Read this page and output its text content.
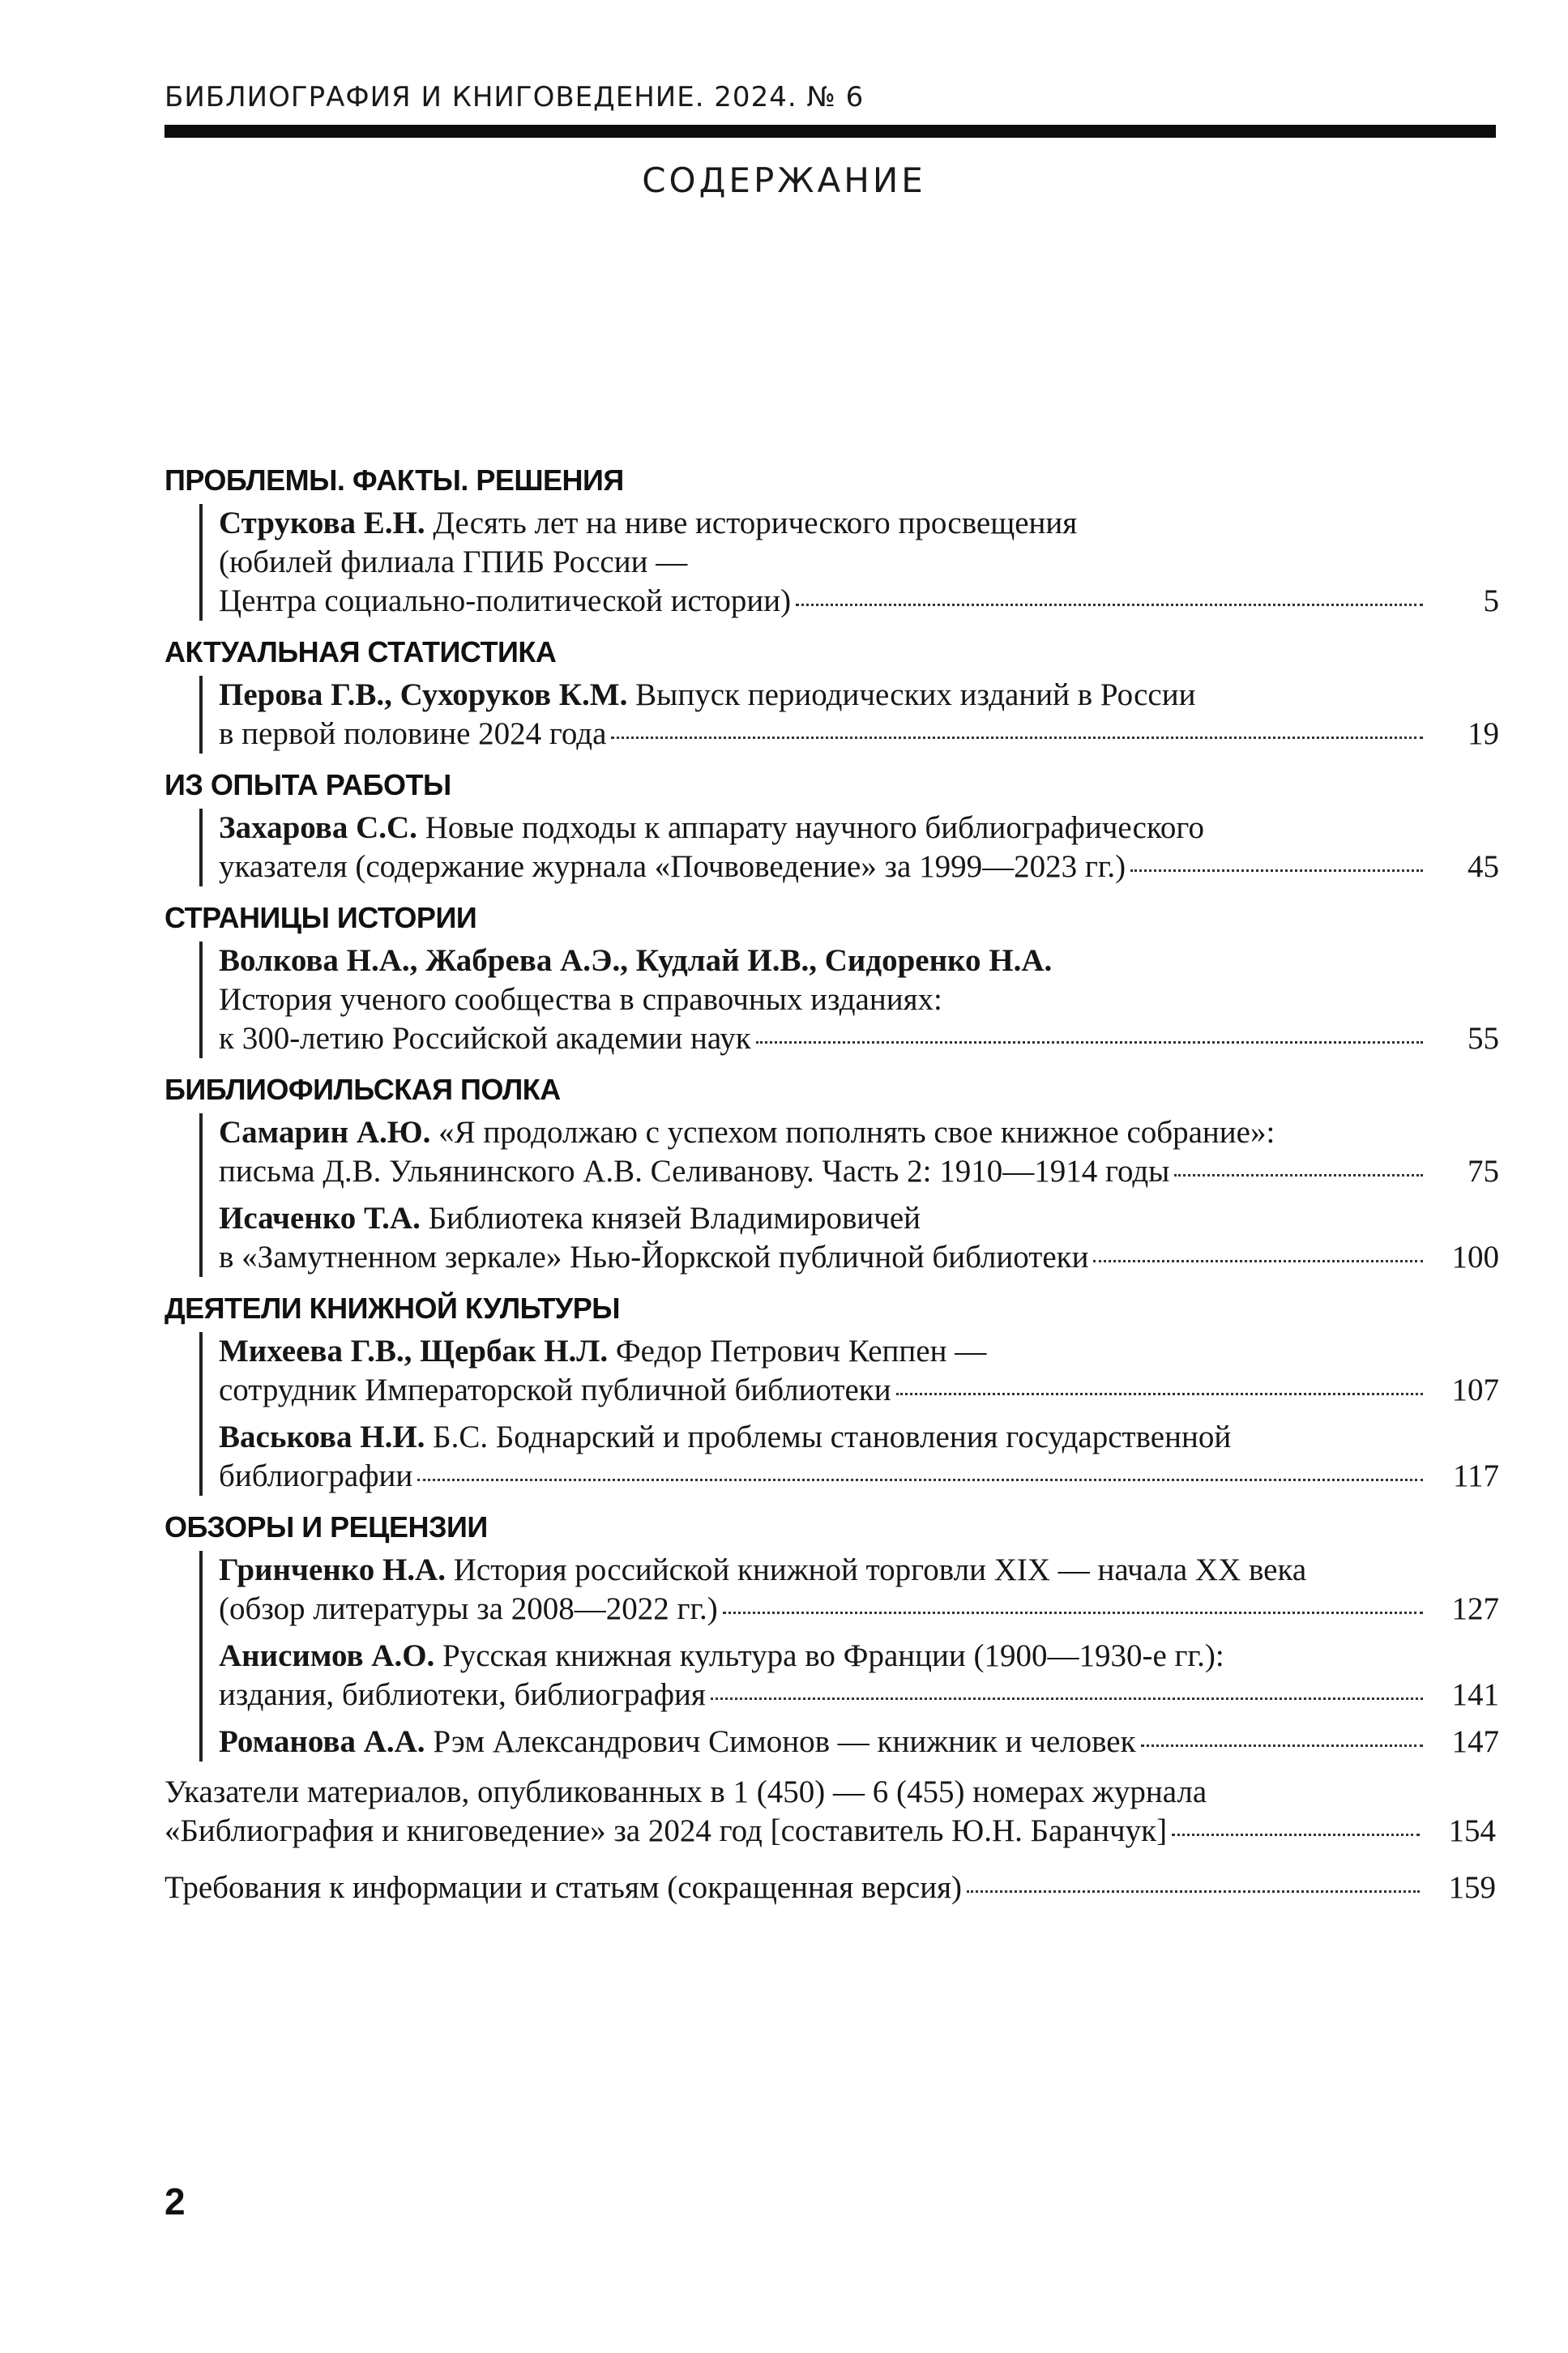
БИБЛИОГРАФИЯ И КНИГОВЕДЕНИЕ. 2024. № 6
СОДЕРЖАНИЕ
ПРОБЛЕМЫ. ФАКТЫ. РЕШЕНИЯ
Струкова Е.Н. Десять лет на ниве исторического просвещения
(юбилей филиала ГПИБ России —
Центра социально-политической истории)	5
АКТУАЛЬНАЯ СТАТИСТИКА
Перова Г.В., Сухоруков К.М. Выпуск периодических изданий в России
в первой половине 2024 года	19
ИЗ ОПЫТА РАБОТЫ
Захарова С.С. Новые подходы к аппарату научного библиографического
указателя (содержание журнала «Почвоведение» за 1999—2023 гг.)	45
СТРАНИЦЫ ИСТОРИИ
Волкова Н.А., Жабрева А.Э., Кудлай И.В., Сидоренко Н.А.
История ученого сообщества в справочных изданиях:
к 300-летию Российской академии наук	55
БИБЛИОФИЛЬСКАЯ ПОЛКА
Самарин А.Ю. «Я продолжаю с успехом пополнять свое книжное собрание»:
письма Д.В. Ульянинского А.В. Селиванову. Часть 2: 1910—1914 годы	75
Исаченко Т.А. Библиотека князей Владимировичей
в «Замутненном зеркале» Нью-Йоркской публичной библиотеки	100
ДЕЯТЕЛИ КНИЖНОЙ КУЛЬТУРЫ
Михеева Г.В., Щербак Н.Л. Федор Петрович Кеппен —
сотрудник Императорской публичной библиотеки	107
Васькова Н.И. Б.С. Боднарский и проблемы становления государственной
библиографии	117
ОБЗОРЫ И РЕЦЕНЗИИ
Гринченко Н.А. История российской книжной торговли XIX — начала XX века
(обзор литературы за 2008—2022 гг.)	127
Анисимов А.О. Русская книжная культура во Франции (1900—1930-е гг.):
издания, библиотеки, библиография	141
Романова А.А. Рэм Александрович Симонов — книжник и человек	147
Указатели материалов, опубликованных в 1 (450) — 6 (455) номерах журнала
«Библиография и книговедение» за 2024 год [составитель Ю.Н. Баранчук]	154
Требования к информации и статьям (сокращенная версия)	159
2
